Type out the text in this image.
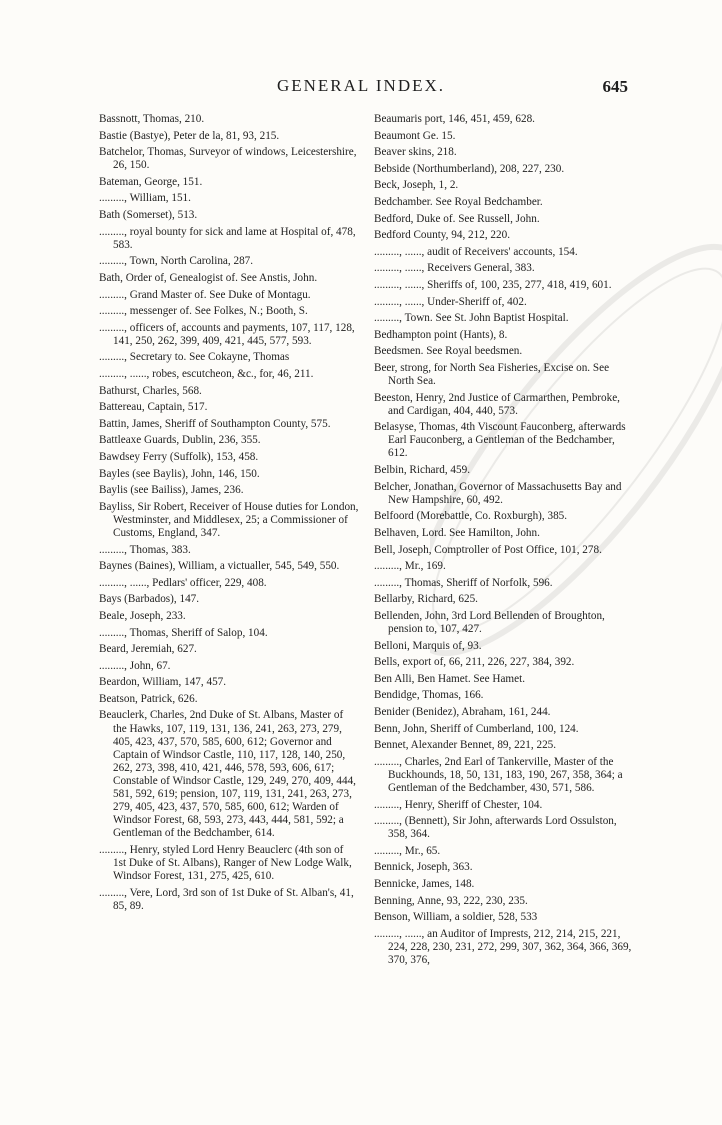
GENERAL INDEX.	645

Bassnott, Thomas, 210.

Bastie (Bastye), Peter de la, 81, 93, 215.

Batchelor, Thomas, Surveyor of windows, Leicestershire, 26, 150.

Bateman, George, 151.

........., William, 151.

Bath (Somerset), 513.

........., royal bounty for sick and lame at Hospital of, 478, 583.

........., Town, North Carolina, 287.

Bath, Order of, Genealogist of. See Anstis, John.

........., Grand Master of. See Duke of Montagu.

........., messenger of. See Folkes, N.; Booth, S.

........., officers of, accounts and payments, 107, 117, 128, 141, 250, 262, 399, 409, 421, 445, 577, 593.

........., Secretary to. See Cokayne, Thomas

........., ......, robes, escutcheon, &c., for, 46, 211.

Bathurst, Charles, 568.

Battereau, Captain, 517.

Battin, James, Sheriff of Southampton County, 575.

Battleaxe Guards, Dublin, 236, 355.

Bawdsey Ferry (Suffolk), 153, 458.

Bayles (see Baylis), John, 146, 150.

Baylis (see Bailiss), James, 236.

Bayliss, Sir Robert, Receiver of House duties for London, Westminster, and Middlesex, 25; a Commissioner of Customs, England, 347.

........., Thomas, 383.

Baynes (Baines), William, a victualler, 545, 549, 550.

........., ......, Pedlars' officer, 229, 408.

Bays (Barbados), 147.

Beale, Joseph, 233.

........., Thomas, Sheriff of Salop, 104.

Beard, Jeremiah, 627.

........., John, 67.

Beardon, William, 147, 457.

Beatson, Patrick, 626.

Beauclerk, Charles, 2nd Duke of St. Albans, Master of the Hawks, 107, 119, 131, 136, 241, 263, 273, 279, 405, 423, 437, 570, 585, 600, 612; Governor and Captain of Windsor Castle, 110, 117, 128, 140, 250, 262, 273, 398, 410, 421, 446, 578, 593, 606, 617; Constable of Windsor Castle, 129, 249, 270, 409, 444, 581, 592, 619; pension, 107, 119, 131, 241, 263, 273, 279, 405, 423, 437, 570, 585, 600, 612; Warden of Windsor Forest, 68, 593, 273, 443, 444, 581, 592; a Gentleman of the Bedchamber, 614.

........., Henry, styled Lord Henry Beauclerc (4th son of 1st Duke of St. Albans), Ranger of New Lodge Walk, Windsor Forest, 131, 275, 425, 610.

........., Vere, Lord, 3rd son of 1st Duke of St. Alban's, 41, 85, 89.

Beaumaris port, 146, 451, 459, 628.

Beaumont Ge. 15.

Beaver skins, 218.

Bebside (Northumberland), 208, 227, 230.

Beck, Joseph, 1, 2.

Bedchamber. See Royal Bedchamber.

Bedford, Duke of. See Russell, John.

Bedford County, 94, 212, 220.

........., ......, audit of Receivers' accounts, 154.

........., ......, Receivers General, 383.

........., ......, Sheriffs of, 100, 235, 277, 418, 419, 601.

........., ......, Under-Sheriff of, 402.

........., Town. See St. John Baptist Hospital.

Bedhampton point (Hants), 8.

Beedsmen. See Royal beedsmen.

Beer, strong, for North Sea Fisheries, Excise on. See North Sea.

Beeston, Henry, 2nd Justice of Carmarthen, Pembroke, and Cardigan, 404, 440, 573.

Belasyse, Thomas, 4th Viscount Fauconberg, afterwards Earl Fauconberg, a Gentleman of the Bedchamber, 612.

Belbin, Richard, 459.

Belcher, Jonathan, Governor of Massachusetts Bay and New Hampshire, 60, 492.

Belfoord (Morebattle, Co. Roxburgh), 385.

Belhaven, Lord. See Hamilton, John.

Bell, Joseph, Comptroller of Post Office, 101, 278.

........., Mr., 169.

........., Thomas, Sheriff of Norfolk, 596.

Bellarby, Richard, 625.

Bellenden, John, 3rd Lord Bellenden of Broughton, pension to, 107, 427.

Belloni, Marquis of, 93.

Bells, export of, 66, 211, 226, 227, 384, 392.

Ben Alli, Ben Hamet. See Hamet.

Bendidge, Thomas, 166.

Benider (Benidez), Abraham, 161, 244.

Benn, John, Sheriff of Cumberland, 100, 124.

Bennet, Alexander Bennet, 89, 221, 225.

........., Charles, 2nd Earl of Tankerville, Master of the Buckhounds, 18, 50, 131, 183, 190, 267, 358, 364; a Gentleman of the Bedchamber, 430, 571, 586.

........., Henry, Sheriff of Chester, 104.

........., (Bennett), Sir John, afterwards Lord Ossulston, 358, 364.

........., Mr., 65.

Bennick, Joseph, 363.

Bennicke, James, 148.

Benning, Anne, 93, 222, 230, 235.

Benson, William, a soldier, 528, 533

........., ......, an Auditor of Imprests, 212, 214, 215, 221, 224, 228, 230, 231, 272, 299, 307, 362, 364, 366, 369, 370, 376,
